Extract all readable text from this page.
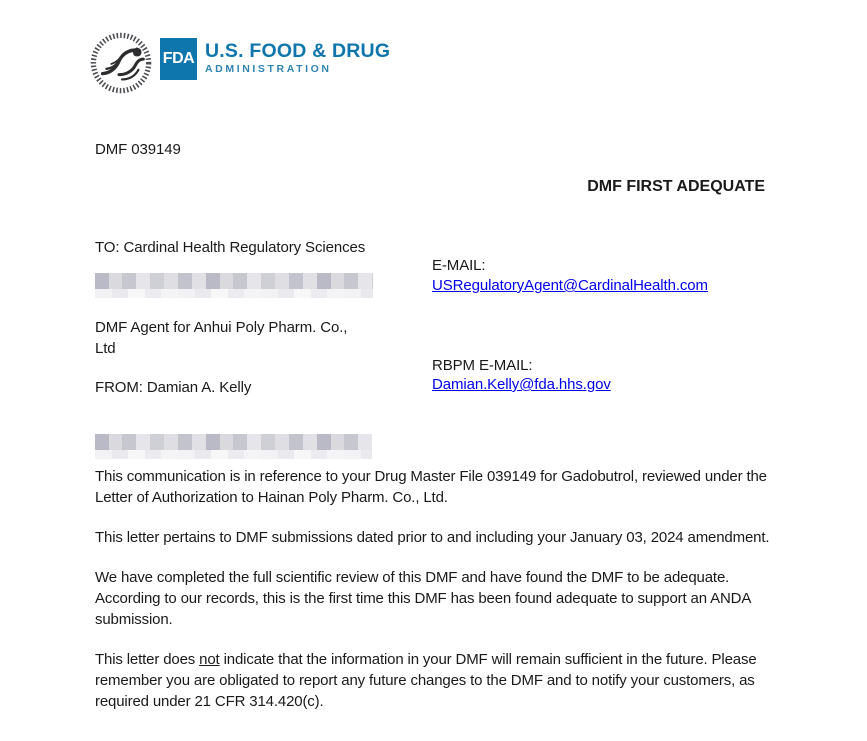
FDA U.S. FOOD & DRUG
ADMINISTRATION
DMF 039149
DMF FIRST ADEQUATE
TO: Cardinal Health Regulatory Sciences
DMF Agent for Anhui Poly Pharm. Co.,
Ltd
FROM: Damian A. Kelly
E-MAIL:
USRegulatoryAgent@CardinalHealth.com
RBPM E-MAIL:
Damian.Kelly@fda.hhs.gov

This communication is in reference to your Drug Master File 039149 for Gadobutrol, reviewed under the Letter of Authorization to Hainan Poly Pharm. Co., Ltd.

This letter pertains to DMF submissions dated prior to and including your January 03, 2024 amendment.

We have completed the full scientific review of this DMF and have found the DMF to be adequate. According to our records, this is the first time this DMF has been found adequate to support an ANDA submission.

This letter does not indicate that the information in your DMF will remain sufficient in the future. Please remember you are obligated to report any future changes to the DMF and to notify your customers, as required under 21 CFR 314.420(c).
